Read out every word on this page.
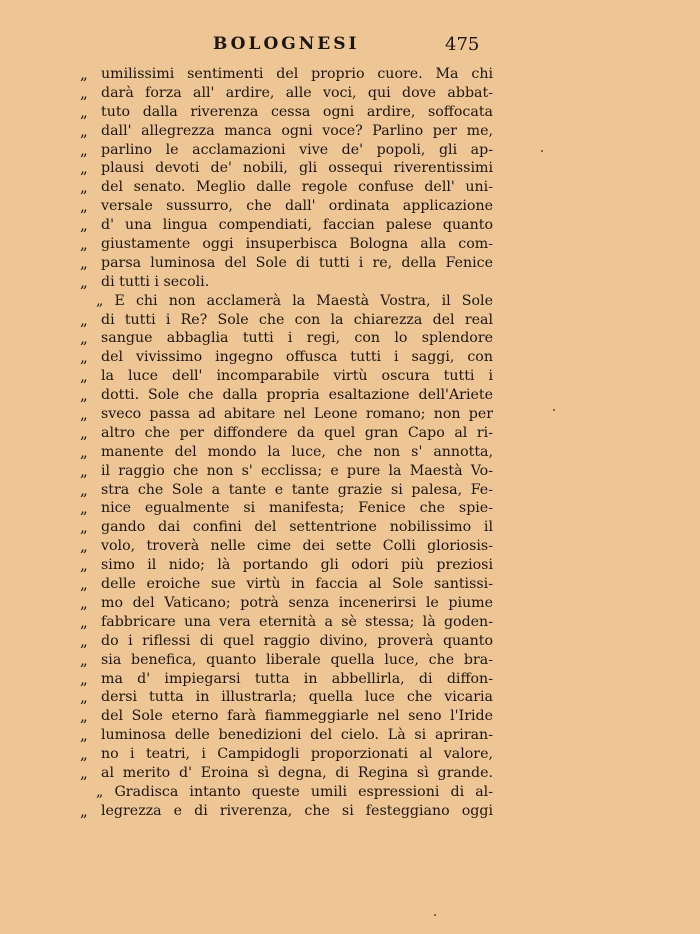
BOLOGNESI	475
„ umilissimi sentimenti del proprio cuore. Ma chi
„ darà forza all' ardire, alle voci, qui dove abbat-
„ tuto dalla riverenza cessa ogni ardire, soffocata
„ dall' allegrezza manca ogni voce? Parlino per me,
„ parlino le acclamazioni vive de' popoli, gli ap-
„ plausi devoti de' nobili, gli ossequi riverentissimi
„ del senato. Meglio dalle regole confuse dell' uni-
„ versale sussurro, che dall' ordinata applicazione
„ d' una lingua compendiati, faccian palese quanto
„ giustamente oggi insuperbisca Bologna alla com-
„ parsa luminosa del Sole di tutti i re, della Fenice
„ di tutti i secoli.
„ E chi non acclamerà la Maestà Vostra, il Sole
„ di tutti i Re? Sole che con la chiarezza del real
„ sangue abbaglia tutti i regi, con lo splendore
„ del vivissimo ingegno offusca tutti i saggi, con
„ la luce dell' incomparabile virtù oscura tutti i
„ dotti. Sole che dalla propria esaltazione dell'Ariete
„ sveco passa ad abitare nel Leone romano; non per
„ altro che per diffondere da quel gran Capo al ri-
„ manente del mondo la luce, che non s' annotta,
„ il raggio che non s' ecclissa; e pure la Maestà Vo-
„ stra che Sole a tante e tante grazie si palesa, Fe-
„ nice egualmente si manifesta; Fenice che spie-
„ gando dai confini del settentrione nobilissimo il
„ volo, troverà nelle cime dei sette Colli gloriosis-
„ simo il nido; là portando gli odori più preziosi
„ delle eroiche sue virtù in faccia al Sole santissi-
„ mo del Vaticano; potrà senza incenerirsi le piume
„ fabbricare una vera eternità a sè stessa; là goden-
„ do i riflessi di quel raggio divino, proverà quanto
„ sia benefica, quanto liberale quella luce, che bra-
„ ma d' impiegarsi tutta in abbellirla, di diffon-
„ dersi tutta in illustrarla; quella luce che vicaria
„ del Sole eterno farà fiammeggiarle nel seno l'Iride
„ luminosa delle benedizioni del cielo. Là si apriran-
„ no i teatri, i Campidogli proporzionati al valore,
„ al merito d' Eroina sì degna, di Regina sì grande.
„ Gradisca intanto queste umili espressioni di al-
„ legrezza e di riverenza, che si festeggiano oggi
